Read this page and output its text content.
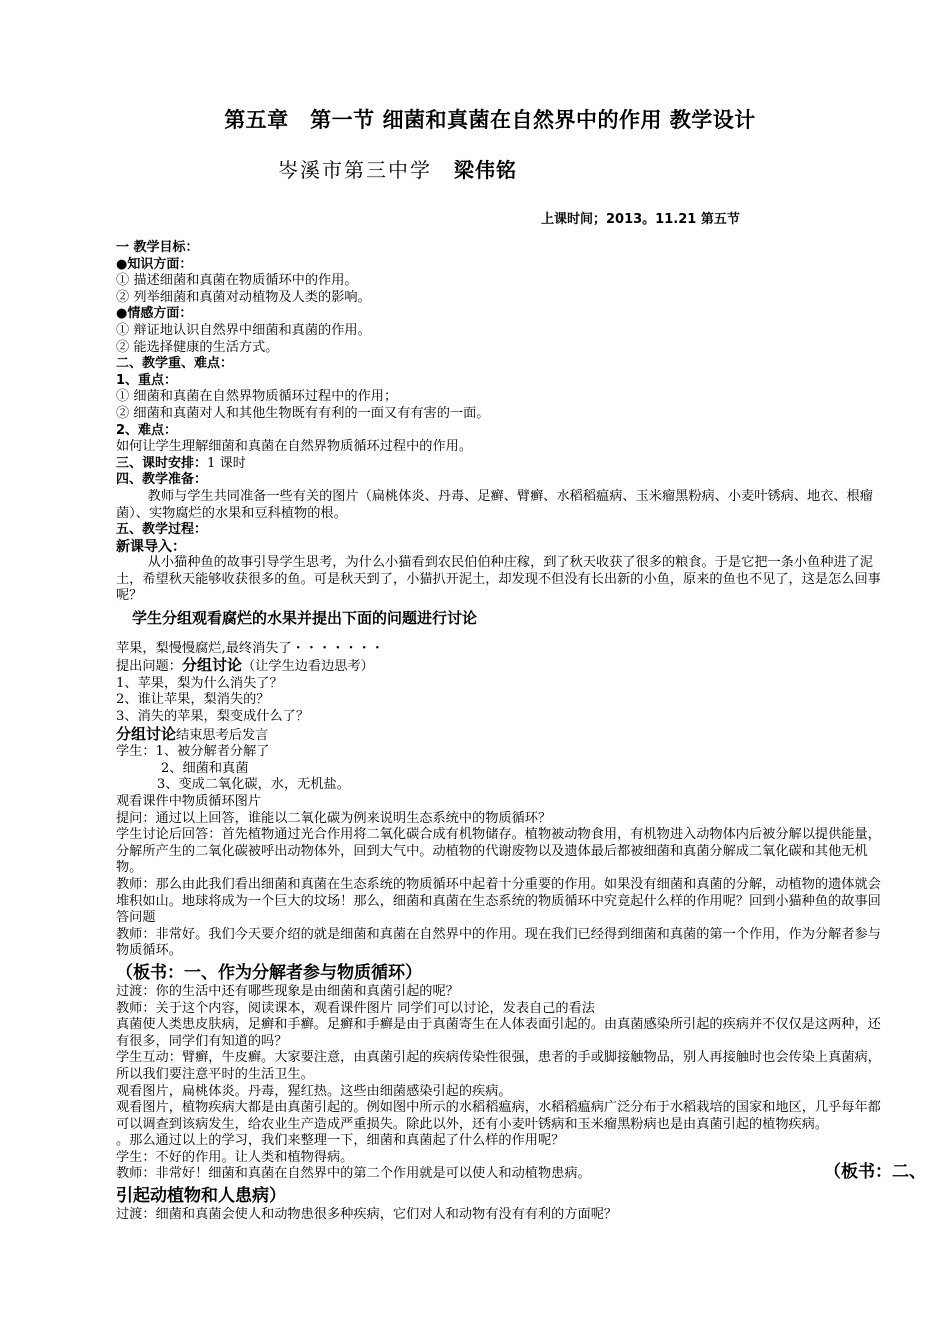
第五章　第一节 细菌和真菌在自然界中的作用 教学设计
岑溪市第三中学 梁伟铭
上课时间；2013。11.21 第五节

一 教学目标：

●知识方面：

① 描述细菌和真菌在物质循环中的作用。

② 列举细菌和真菌对动植物及人类的影响。

●情感方面：

① 辩证地认识自然界中细菌和真菌的作用。

② 能选择健康的生活方式。

二、教学重、难点：

1、重点：

① 细菌和真菌在自然界物质循环过程中的作用；

② 细菌和真菌对人和其他生物既有有利的一面又有有害的一面。

2、难点：

如何让学生理解细菌和真菌在自然界物质循环过程中的作用。

三、课时安排：1 课时

四、教学准备：

教师与学生共同准备一些有关的图片（扁桃体炎、丹毒、足癣、臂癣、水稻稻瘟病、玉米瘤黑粉病、小麦叶锈病、地衣、根瘤菌）、实物腐烂的水果和豆科植物的根。

五、教学过程：

新课导入：

从小猫种鱼的故事引导学生思考，为什么小猫看到农民伯伯种庄稼，到了秋天收获了很多的粮食。于是它把一条小鱼种进了泥土，希望秋天能够收获很多的鱼。可是秋天到了，小猫扒开泥土，却发现不但没有长出新的小鱼，原来的鱼也不见了，这是怎么回事呢？

学生分组观看腐烂的水果并提出下面的问题进行讨论

苹果，梨慢慢腐烂,最终消失了・・・・・・・

提出问题：分组讨论（让学生边看边思考）

1、苹果，梨为什么消失了？

2、谁让苹果，梨消失的？

3、消失的苹果，梨变成什么了？

分组讨论结束思考后发言

学生：1、被分解者分解了

2、细菌和真菌

3、变成二氧化碳，水，无机盐。

观看课件中物质循环图片

提问：通过以上回答，谁能以二氧化碳为例来说明生态系统中的物质循环？

学生讨论后回答：首先植物通过光合作用将二氧化碳合成有机物储存。植物被动物食用，有机物进入动物体内后被分解以提供能量，分解所产生的二氧化碳被呼出动物体外，回到大气中。动植物的代谢废物以及遗体最后都被细菌和真菌分解成二氧化碳和其他无机物。

教师：那么由此我们看出细菌和真菌在生态系统的物质循环中起着十分重要的作用。如果没有细菌和真菌的分解，动植物的遗体就会堆积如山。地球将成为一个巨大的坟场！那么，细菌和真菌在生态系统的物质循环中究竟起什么样的作用呢？回到小猫种鱼的故事回答问题

教师：非常好。我们今天要介绍的就是细菌和真菌在自然界中的作用。现在我们已经得到细菌和真菌的第一个作用，作为分解者参与物质循环。

（板书：一、作为分解者参与物质循环）

过渡：你的生活中还有哪些现象是由细菌和真菌引起的呢？

教师：关于这个内容，阅读课本，观看课件图片 同学们可以讨论，发表自己的看法

真菌使人类患皮肤病，足癣和手癣。足癣和手癣是由于真菌寄生在人体表面引起的。由真菌感染所引起的疾病并不仅仅是这两种，还有很多，同学们有知道的吗？

学生互动：臂癣，牛皮癣。大家要注意，由真菌引起的疾病传染性很强，患者的手或脚接触物品，别人再接触时也会传染上真菌病，所以我们要注意平时的生活卫生。

观看图片，扁桃体炎。丹毒，猩红热。这些由细菌感染引起的疾病。

观看图片，植物疾病大都是由真菌引起的。例如图中所示的水稻稻瘟病，水稻稻瘟病广泛分布于水稻栽培的国家和地区，几乎每年都可以调查到该病发生，给农业生产造成严重损失。除此以外，还有小麦叶锈病和玉米瘤黑粉病也是由真菌引起的植物疾病。

。那么通过以上的学习，我们来整理一下，细菌和真菌起了什么样的作用呢？

学生：不好的作用。让人类和植物得病。

教师：非常好！细菌和真菌在自然界中的第二个作用就是可以使人和动植物患病。	（板书：二、

引起动植物和人患病）

过渡：细菌和真菌会使人和动物患很多种疾病，它们对人和动物有没有有利的方面呢？
